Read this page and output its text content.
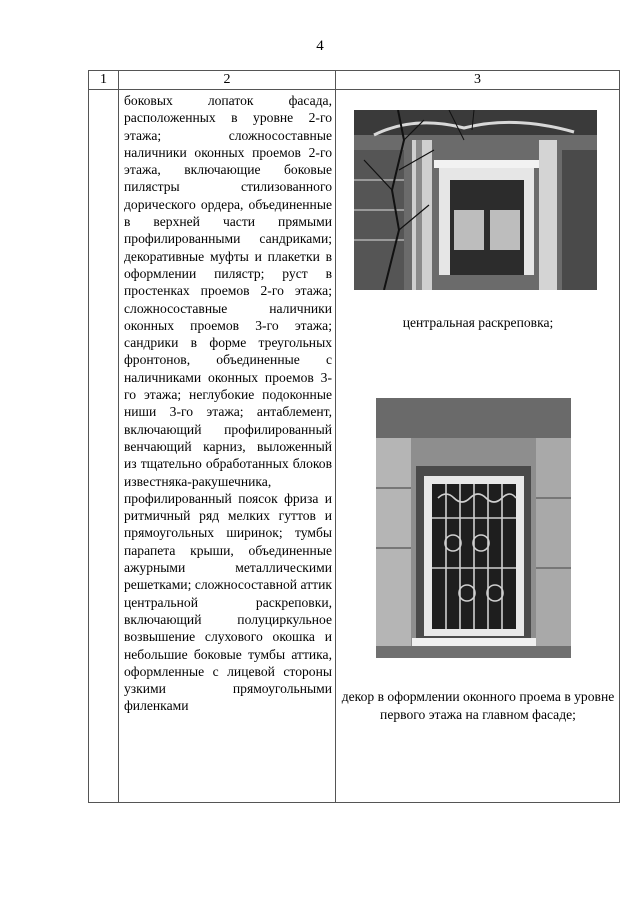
4
1	2	3

	боковых лопаток фасада, расположенных в уровне 2-го этажа; сложносоставные наличники оконных проемов 2-го этажа, включающие боковые пилястры стилизованного дорического ордера, объединенные в верхней части прямыми профилированными сандриками; декоративные муфты и плакетки в оформлении пилястр; руст в простенках проемов 2-го этажа; сложносоставные наличники оконных проемов 3-го этажа; сандрики в форме треугольных фронтонов, объединенные с наличниками оконных проемов 3-го этажа; неглубокие подоконные ниши 3-го этажа; антаблемент, включающий профилированный венчающий карниз, выложенный из тщательно обработанных блоков известняка-ракушечника, профилированный поясок фриза и ритмичный ряд мелких гуттов и прямоугольных ширинок; тумбы парапета крыши, объединенные ажурными металлическими решетками; сложносоставной аттик центральной раскреповки, включающий полуциркульное возвышение слухового окошка и небольшие боковые тумбы аттика, оформленные с лицевой стороны узкими прямоугольными филенками	центральная раскреповка;
декор в оформлении оконного проема в уровне первого этажа на главном фасаде;
